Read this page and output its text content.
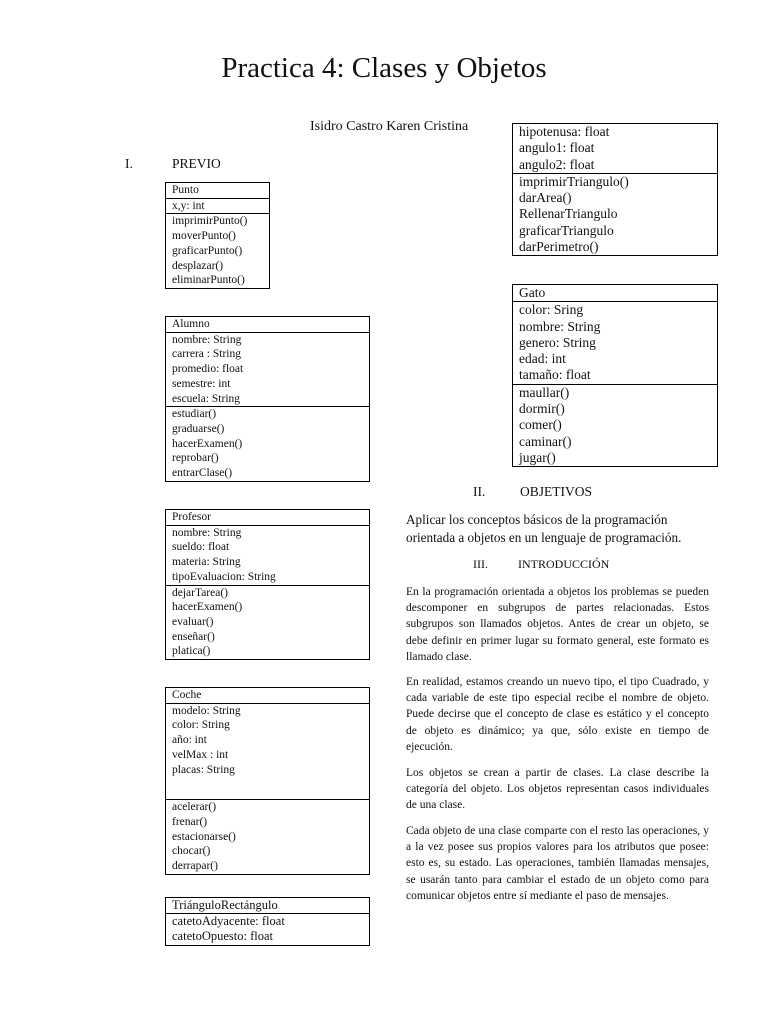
Practica 4: Clases y Objetos
Isidro Castro Karen Cristina
I.	PREVIO
Punto
x,y: int
imprimirPunto()
moverPunto()
graficarPunto()
desplazar()
eliminarPunto()
Alumno
nombre: String
carrera : String
promedio: float
semestre: int
escuela: String
estudiar()
graduarse()
hacerExamen()
reprobar()
entrarClase()
Profesor
nombre: String
sueldo: float
materia: String
tipoEvaluacion: String
dejarTarea()
hacerExamen()
evaluar()
enseñar()
platica()
Coche
modelo: String
color: String
año: int
velMax : int
placas: String
acelerar()
frenar()
estacionarse()
chocar()
derrapar()
TriánguloRectángulo
catetoAdyacente: float
catetoOpuesto: float
hipotenusa: float
angulo1: float
angulo2: float
imprimirTriangulo()
darArea()
RellenarTriangulo
graficarTriangulo
darPerimetro()
Gato
color: Sring
nombre: String
genero: String
edad: int
tamaño: float
maullar()
dormir()
comer()
caminar()
jugar()
II.	OBJETIVOS
Aplicar los conceptos básicos de la programación orientada a objetos en un lenguaje de programación.
III.	INTRODUCCIÓN
En la programación orientada a objetos los problemas se pueden descomponer en subgrupos de partes relacionadas. Estos subgrupos son llamados objetos. Antes de crear un objeto, se debe definir en primer lugar su formato general, este formato es llamado clase.
En realidad, estamos creando un nuevo tipo, el tipo Cuadrado, y cada variable de este tipo especial recibe el nombre de objeto. Puede decirse que el concepto de clase es estático y el concepto de objeto es dinámico; ya que, sólo existe en tiempo de ejecución.
Los objetos se crean a partir de clases. La clase describe la categoría del objeto. Los objetos representan casos individuales de una clase.
Cada objeto de una clase comparte con el resto las operaciones, y a la vez posee sus propios valores para los atributos que posee: esto es, su estado. Las operaciones, también llamadas mensajes, se usarán tanto para cambiar el estado de un objeto como para comunicar objetos entre sí mediante el paso de mensajes.
